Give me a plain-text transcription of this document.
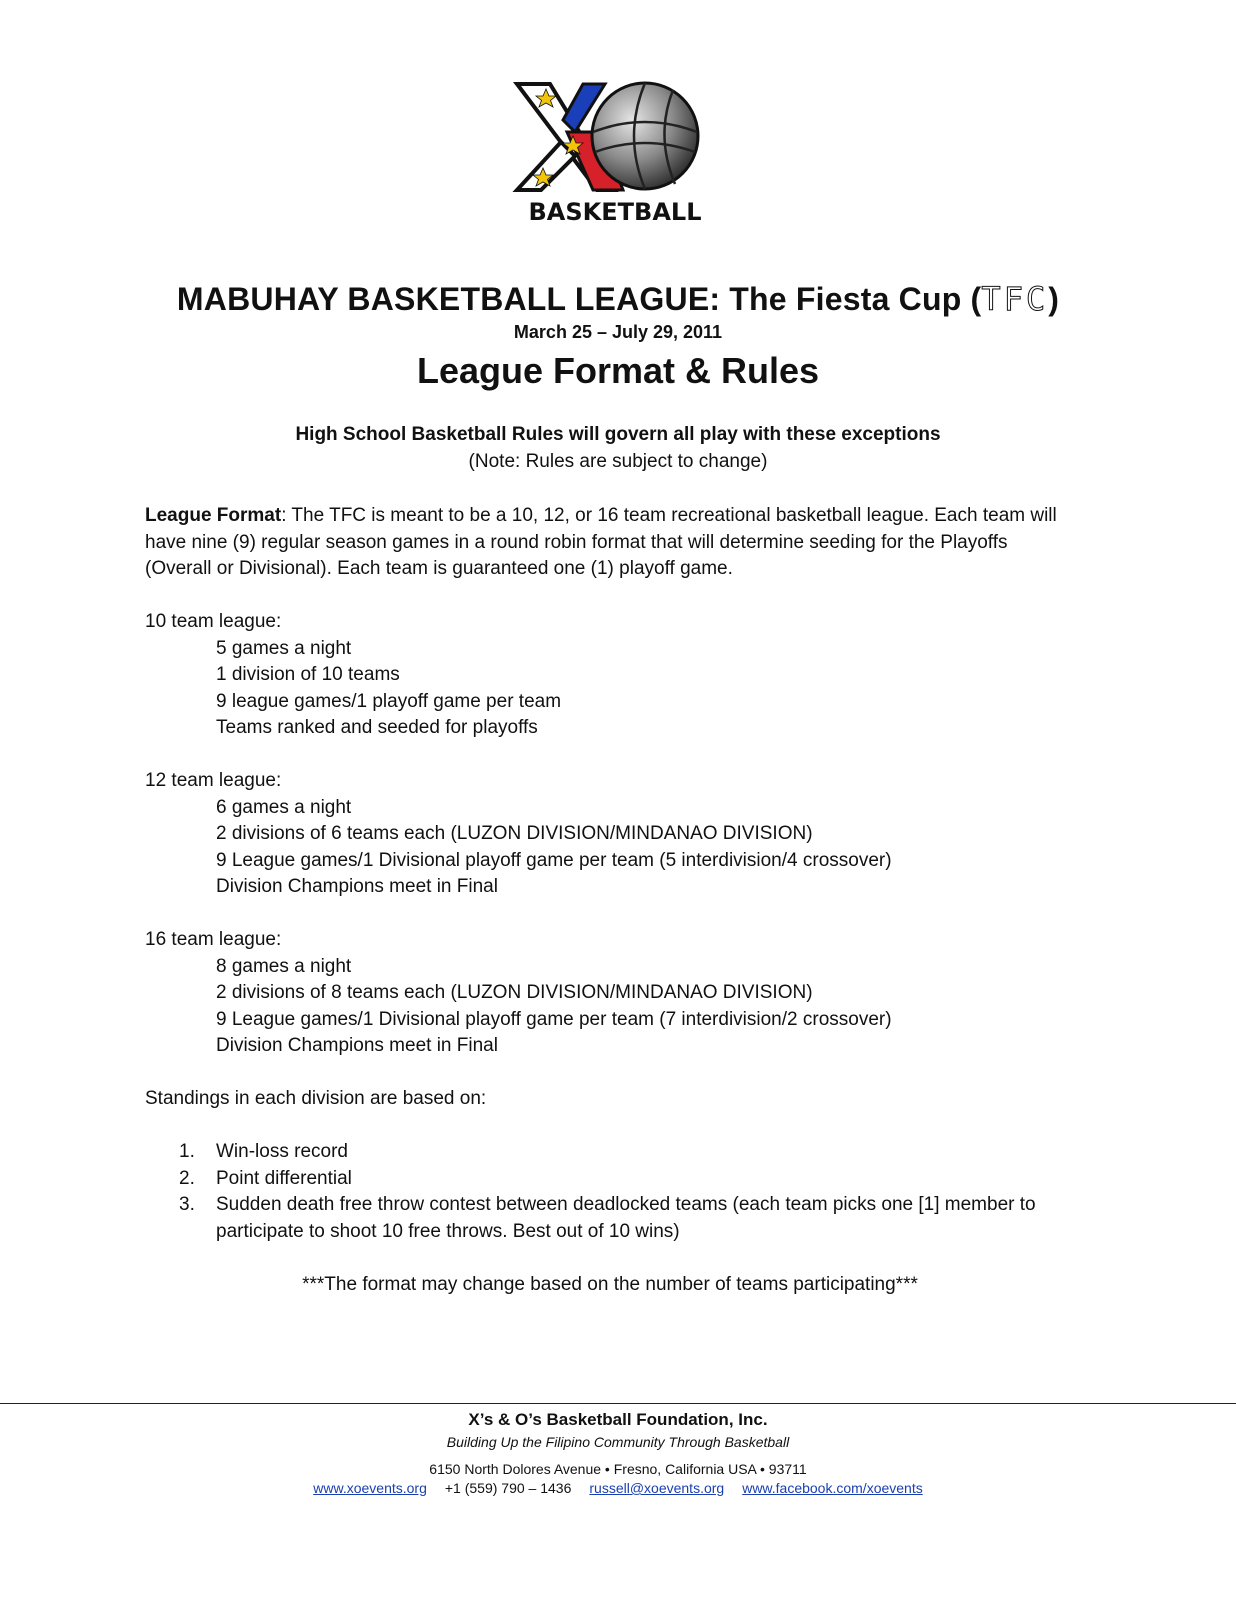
BASKETBALL
MABUHAY BASKETBALL LEAGUE: The Fiesta Cup (TFC)
March 25 – July 29, 2011
League Format & Rules
High School Basketball Rules will govern all play with these exceptions
(Note: Rules are subject to change)

League Format: The TFC is meant to be a 10, 12, or 16 team recreational basketball league. Each team will have nine (9) regular season games in a round robin format that will determine seeding for the Playoffs (Overall or Divisional). Each team is guaranteed one (1) playoff game.

10 team league:

5 games a night

1 division of 10 teams

9 league games/1 playoff game per team

Teams ranked and seeded for playoffs

12 team league:

6 games a night

2 divisions of 6 teams each (LUZON DIVISION/MINDANAO DIVISION)

9 League games/1 Divisional playoff game per team (5 interdivision/4 crossover)

Division Champions meet in Final

16 team league:

8 games a night

2 divisions of 8 teams each (LUZON DIVISION/MINDANAO DIVISION)

9 League games/1 Divisional playoff game per team (7 interdivision/2 crossover)

Division Champions meet in Final

Standings in each division are based on:

1.	Win-loss record
2.	Point differential
3.	Sudden death free throw contest between deadlocked teams (each team picks one [1] member to participate to shoot 10 free throws. Best out of 10 wins)

***The format may change based on the number of teams participating***

X’s & O’s Basketball Foundation, Inc.
Building Up the Filipino Community Through Basketball
6150 North Dolores Avenue • Fresno, California USA • 93711
www.xoevents.org +1 (559) 790 – 1436 russell@xoevents.org www.facebook.com/xoevents
